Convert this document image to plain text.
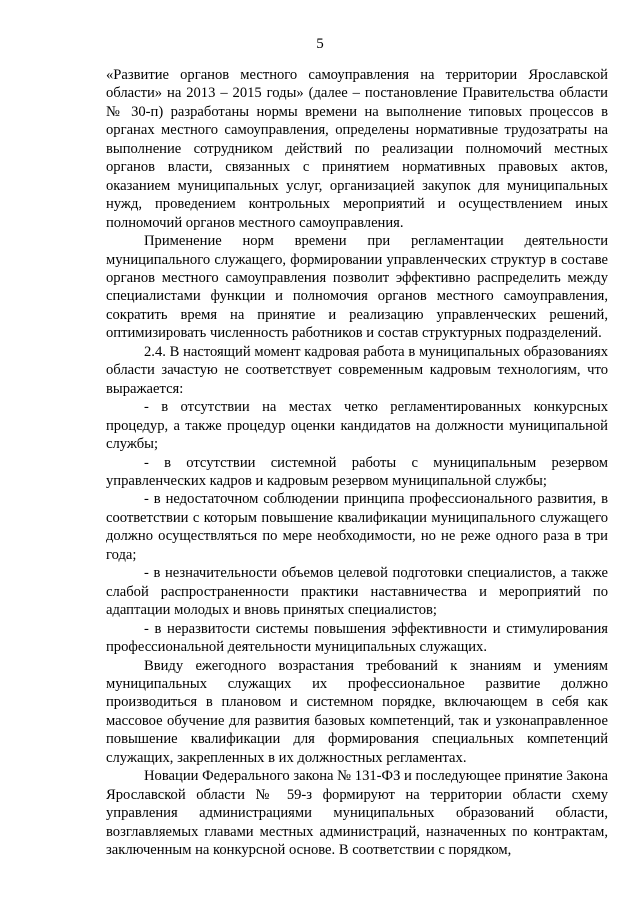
5

«Развитие органов местного самоуправления на территории Ярославской области» на 2013 – 2015 годы» (далее – постановление Правительства области № 30-п) разработаны нормы времени на выполнение типовых процессов в органах местного самоуправления, определены нормативные трудозатраты на выполнение сотрудником действий по реализации полномочий местных органов власти, связанных с принятием нормативных правовых актов, оказанием муниципальных услуг, организацией закупок для муниципальных нужд, проведением контрольных мероприятий и осуществлением иных полномочий органов местного самоуправления.

Применение норм времени при регламентации деятельности муниципального служащего, формировании управленческих структур в составе органов местного самоуправления позволит эффективно распределить между специалистами функции и полномочия органов местного самоуправления, сократить время на принятие и реализацию управленческих решений, оптимизировать численность работников и состав структурных подразделений.

2.4. В настоящий момент кадровая работа в муниципальных образованиях области зачастую не соответствует современным кадровым технологиям, что выражается:

- в отсутствии на местах четко регламентированных конкурсных процедур, а также процедур оценки кандидатов на должности муниципальной службы;

- в отсутствии системной работы с муниципальным резервом управленческих кадров и кадровым резервом муниципальной службы;

- в недостаточном соблюдении принципа профессионального развития, в соответствии с которым повышение квалификации муниципального служащего должно осуществляться по мере необходимости, но не реже одного раза в три года;

- в незначительности объемов целевой подготовки специалистов, а также слабой распространенности практики наставничества и мероприятий по адаптации молодых и вновь принятых специалистов;

- в неразвитости системы повышения эффективности и стимулирования профессиональной деятельности муниципальных служащих.

Ввиду ежегодного возрастания требований к знаниям и умениям муниципальных служащих их профессиональное развитие должно производиться в плановом и системном порядке, включающем в себя как массовое обучение для развития базовых компетенций, так и узконаправленное повышение квалификации для формирования специальных компетенций служащих, закрепленных в их должностных регламентах.

Новации Федерального закона № 131-ФЗ и последующее принятие Закона Ярославской области № 59-з формируют на территории области схему управления администрациями муниципальных образований области, возглавляемых главами местных администраций, назначенных по контрактам, заключенным на конкурсной основе. В соответствии с порядком,
